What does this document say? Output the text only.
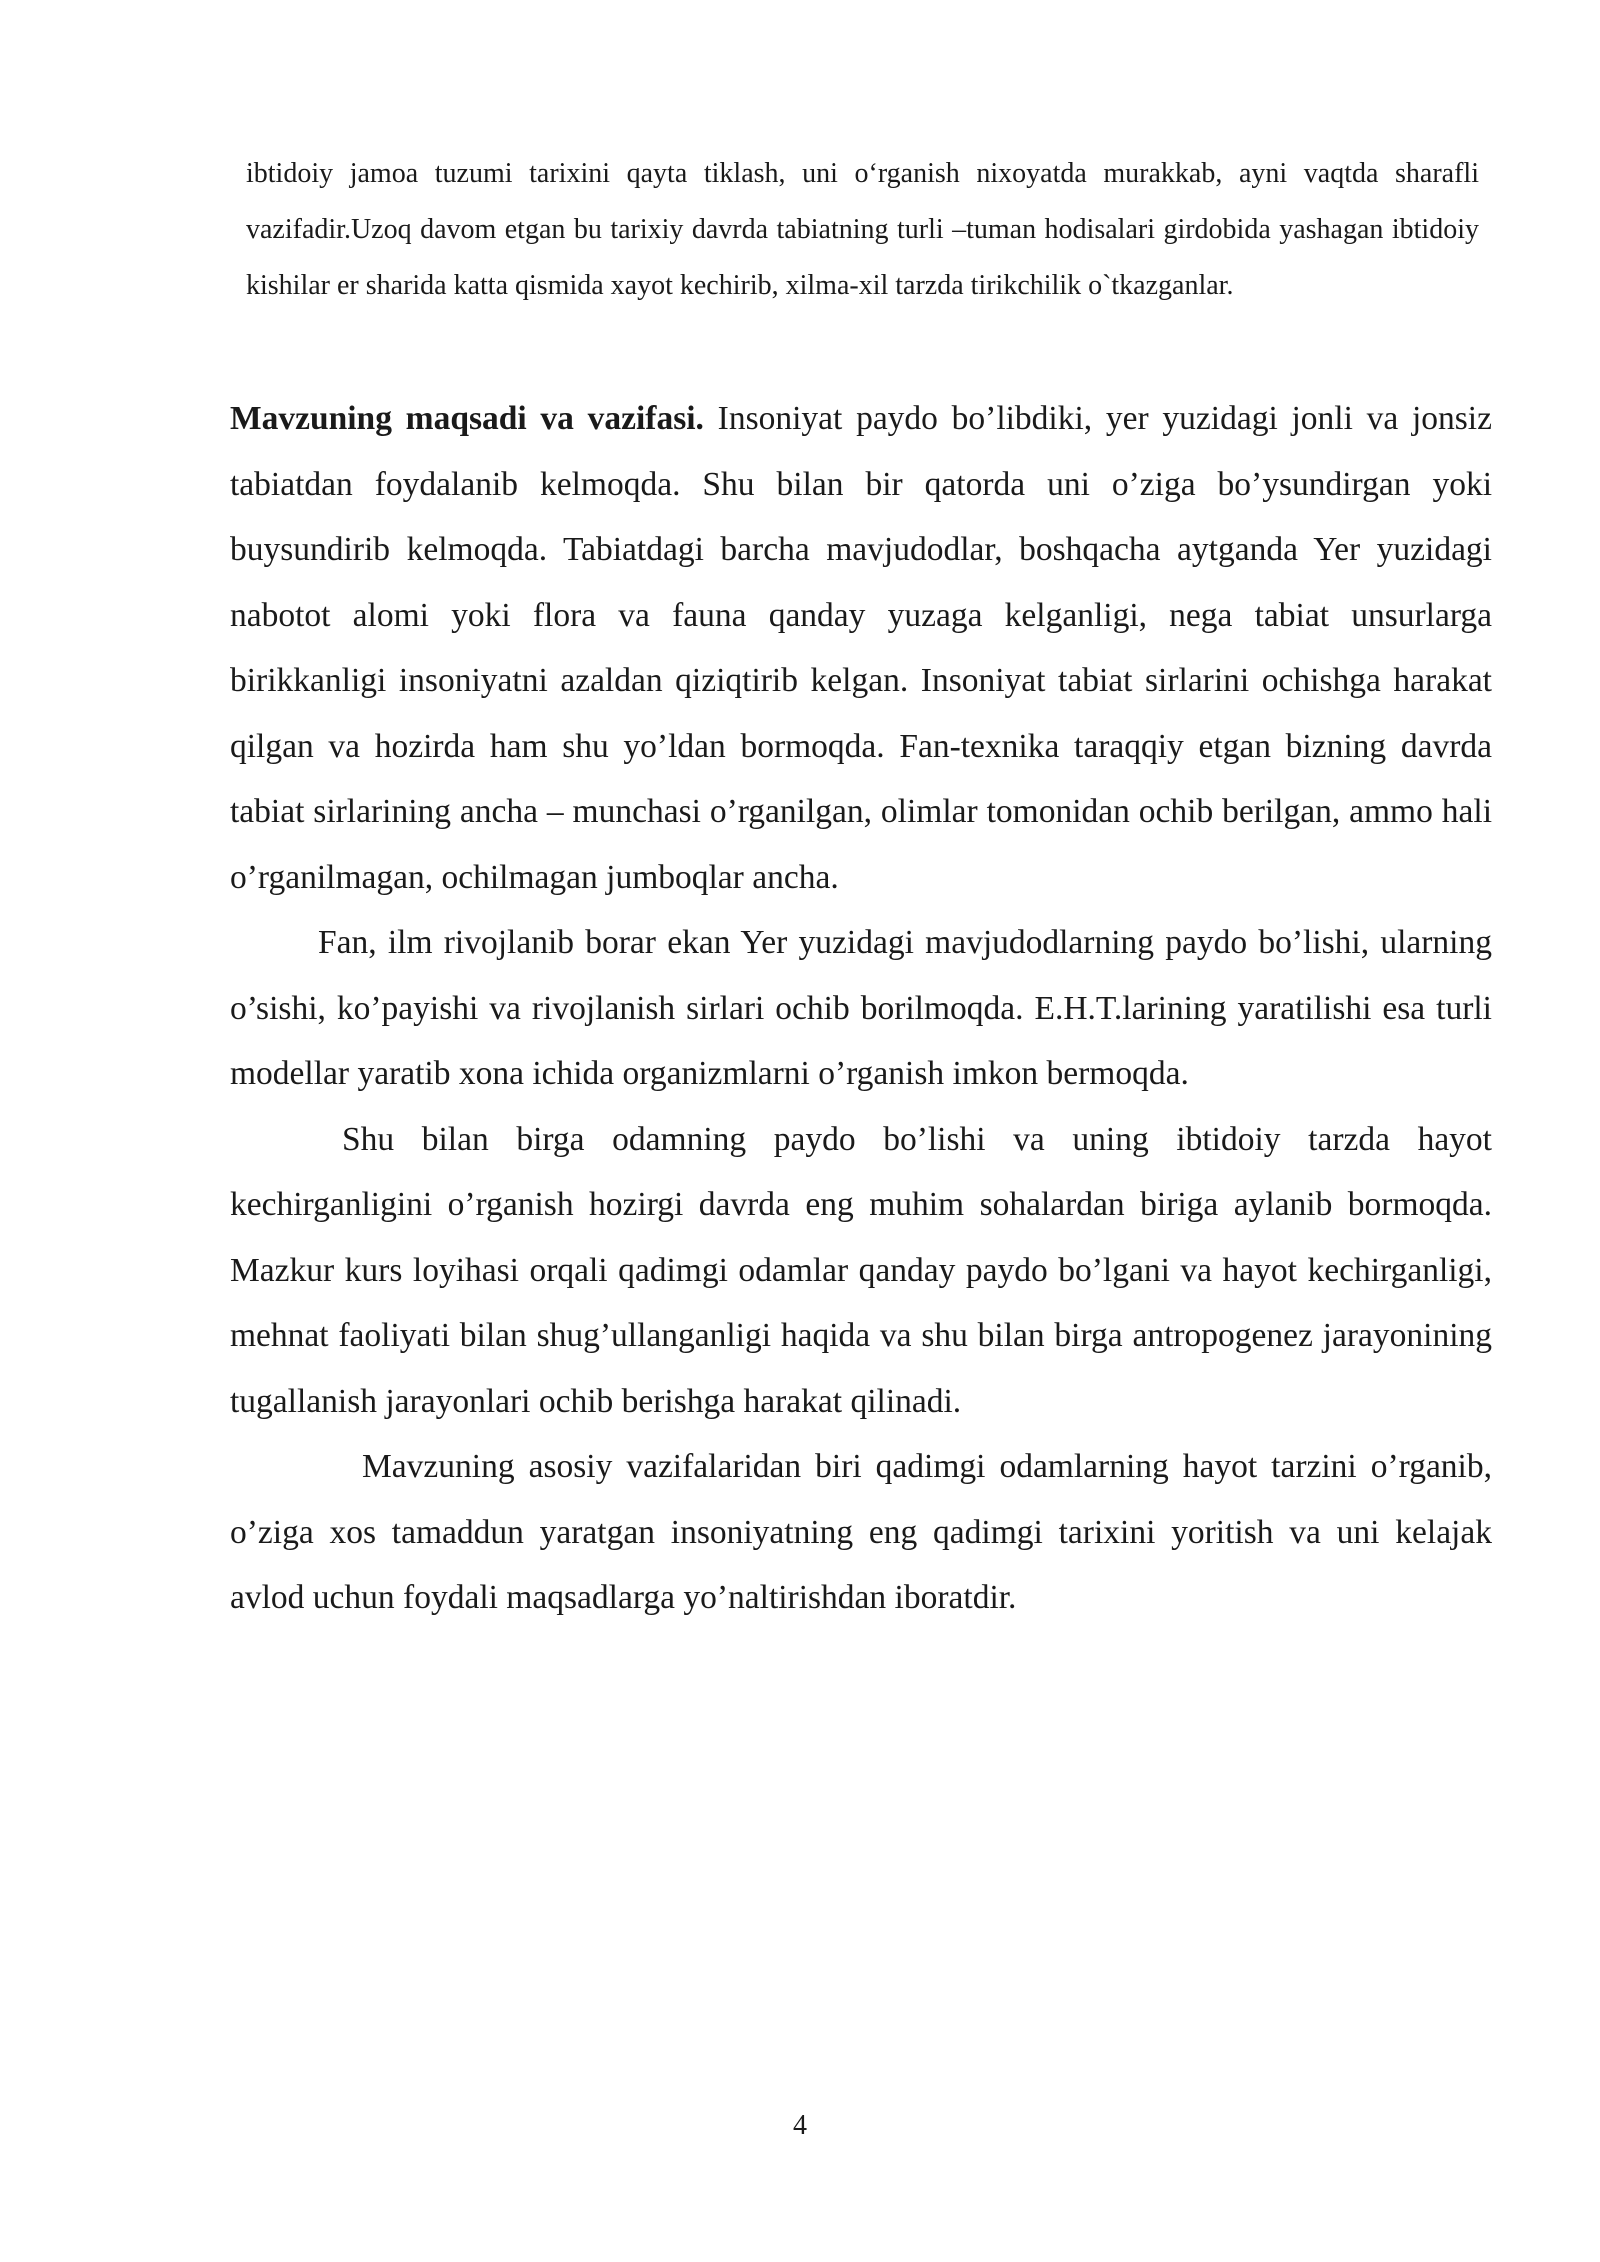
ibtidoiy jamoa tuzumi tarixini qayta tiklash, uni o‘rganish nixoyatda murakkab, ayni vaqtda sharafli vazifadir.Uzoq davom etgan bu tarixiy davrda tabiatning turli –tuman hodisalari girdobida yashagan ibtidoiy kishilar er sharida katta qismida xayot kechirib, xilma-xil tarzda tirikchilik o`tkazganlar.

Mavzuning maqsadi va vazifasi. Insoniyat paydo bo’libdiki, yer yuzidagi jonli va jonsiz tabiatdan foydalanib kelmoqda. Shu bilan bir qatorda uni o’ziga bo’ysundirgan yoki buysundirib kelmoqda. Tabiatdagi barcha mavjudodlar, boshqacha aytganda Yer yuzidagi nabotot alomi yoki flora va fauna qanday yuzaga kelganligi, nega tabiat unsurlarga birikkanligi insoniyatni azaldan qiziqtirib kelgan. Insoniyat tabiat sirlarini ochishga harakat qilgan va hozirda ham shu yo’ldan bormoqda. Fan-texnika taraqqiy etgan bizning davrda tabiat sirlarining ancha – munchasi o’rganilgan, olimlar tomonidan ochib berilgan, ammo hali o’rganilmagan, ochilmagan jumboqlar ancha.

Fan, ilm rivojlanib borar ekan Yer yuzidagi mavjudodlarning paydo bo’lishi, ularning o’sishi, ko’payishi va rivojlanish sirlari ochib borilmoqda. E.H.T.larining yaratilishi esa turli modellar yaratib xona ichida organizmlarni o’rganish imkon bermoqda.

Shu bilan birga odamning paydo bo’lishi va uning ibtidoiy tarzda hayot kechirganligini o’rganish hozirgi davrda eng muhim sohalardan biriga aylanib bormoqda. Mazkur kurs loyihasi orqali qadimgi odamlar qanday paydo bo’lgani va hayot kechirganligi, mehnat faoliyati bilan shug’ullanganligi haqida va shu bilan birga antropogenez jarayonining tugallanish jarayonlari ochib berishga harakat qilinadi.

Mavzuning asosiy vazifalaridan biri qadimgi odamlarning hayot tarzini o’rganib, o’ziga xos tamaddun yaratgan insoniyatning eng qadimgi tarixini yoritish va uni kelajak avlod uchun foydali maqsadlarga yo’naltirishdan iboratdir.

4
